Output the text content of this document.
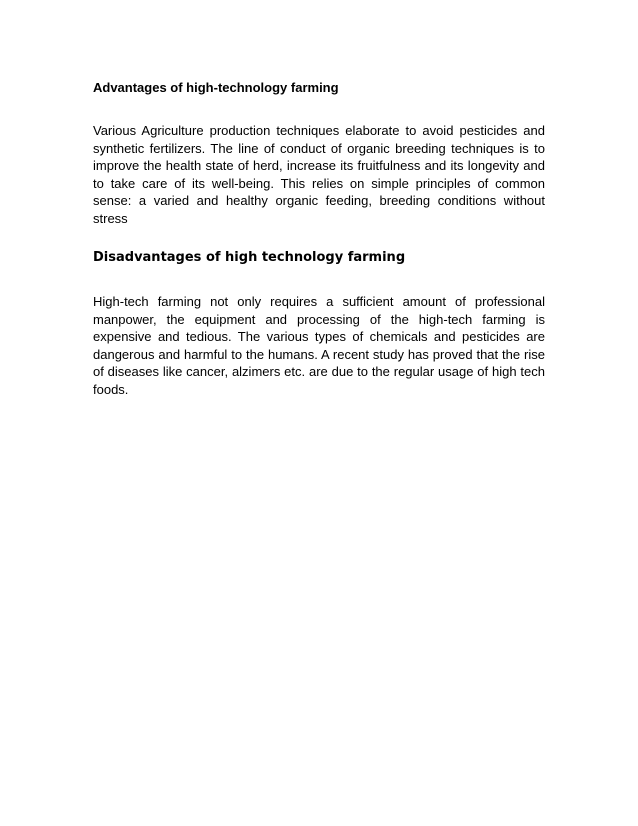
Advantages of high-technology farming

Various Agriculture production techniques elaborate to avoid pesticides and synthetic fertilizers. The line of conduct of organic breeding techniques is to improve the health state of herd, increase its fruitfulness and its longevity and to take care of its well-being. This relies on simple principles of common sense: a varied and healthy organic feeding, breeding conditions without stress

Disadvantages of high technology farming

High-tech farming not only requires a sufficient amount of professional manpower, the equipment and processing of the high-tech farming is expensive and tedious. The various types of chemicals and pesticides are dangerous and harmful to the humans. A recent study has proved that the rise of diseases like cancer, alzimers etc. are due to the regular usage of high tech foods.
